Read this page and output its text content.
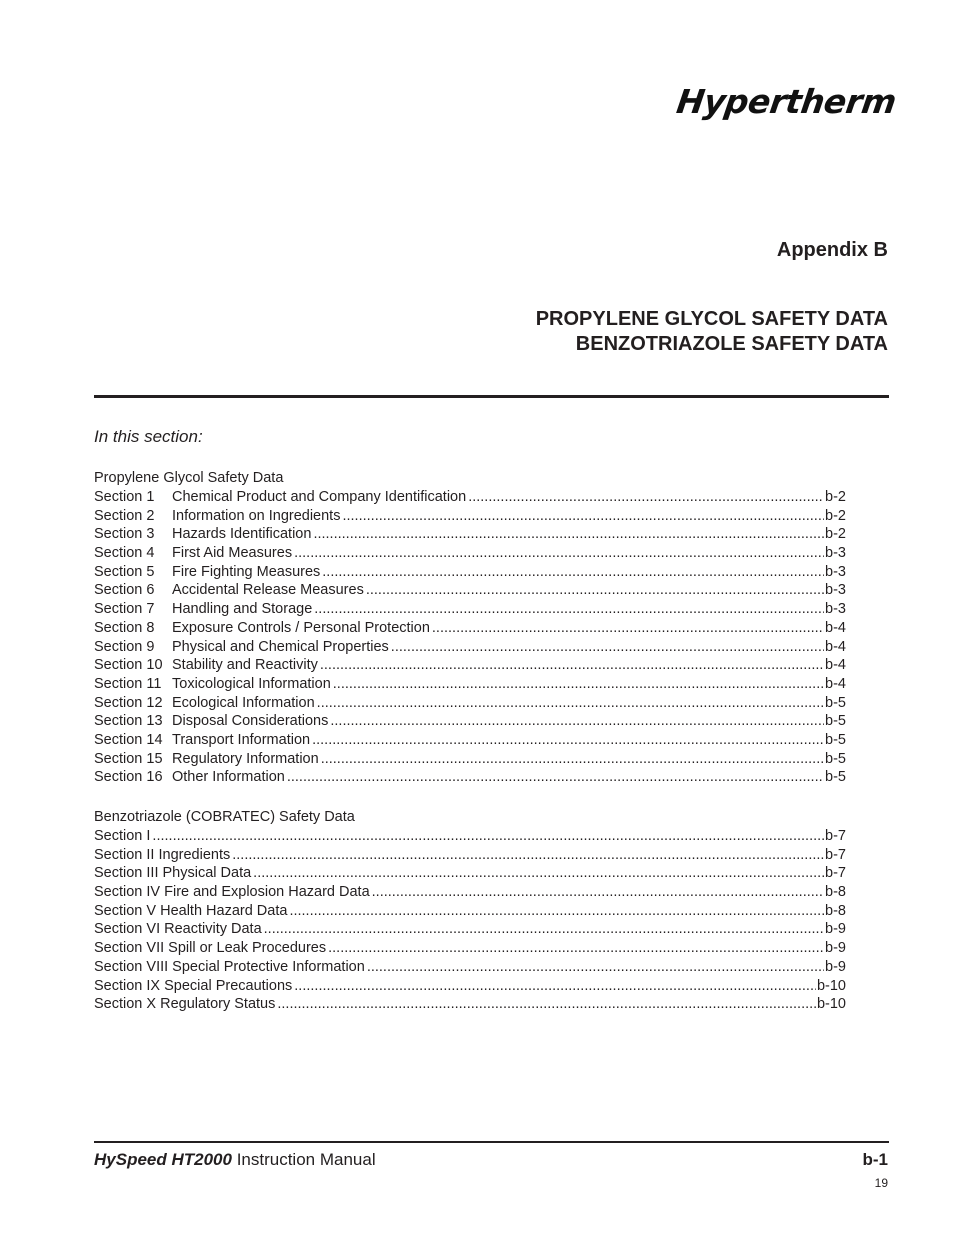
Hypertherm
Appendix B
PROPYLENE GLYCOL SAFETY DATA
BENZOTRIAZOLE SAFETY DATA
In this section:
Propylene Glycol Safety Data
Section 1	Chemical Product and Company Identification .....	b-2
Section 2	Information on Ingredients .....	b-2
Section 3	Hazards Identification .....	b-2
Section 4	First Aid Measures .....	b-3
Section 5	Fire Fighting Measures .....	b-3
Section 6	Accidental Release Measures .....	b-3
Section 7	Handling and Storage .....	b-3
Section 8	Exposure Controls / Personal Protection .....	b-4
Section 9	Physical and Chemical Properties .....	b-4
Section 10 Stability and Reactivity .....	b-4
Section 11 Toxicological Information .....	b-4
Section 12 Ecological Information .....	b-5
Section 13 Disposal Considerations .....	b-5
Section 14 Transport Information .....	b-5
Section 15 Regulatory Information .....	b-5
Section 16 Other Information .....	b-5
Benzotriazole (COBRATEC) Safety Data
Section I .....	b-7
Section II Ingredients .....	b-7
Section III Physical Data .....	b-7
Section IV Fire and Explosion Hazard Data .....	b-8
Section V Health Hazard Data .....	b-8
Section VI Reactivity Data .....	b-9
Section VII Spill or Leak Procedures .....	b-9
Section VIII Special Protective Information .....	b-9
Section IX Special Precautions .....	b-10
Section X Regulatory Status .....	b-10
HySpeed HT2000 Instruction Manual	b-1
19
